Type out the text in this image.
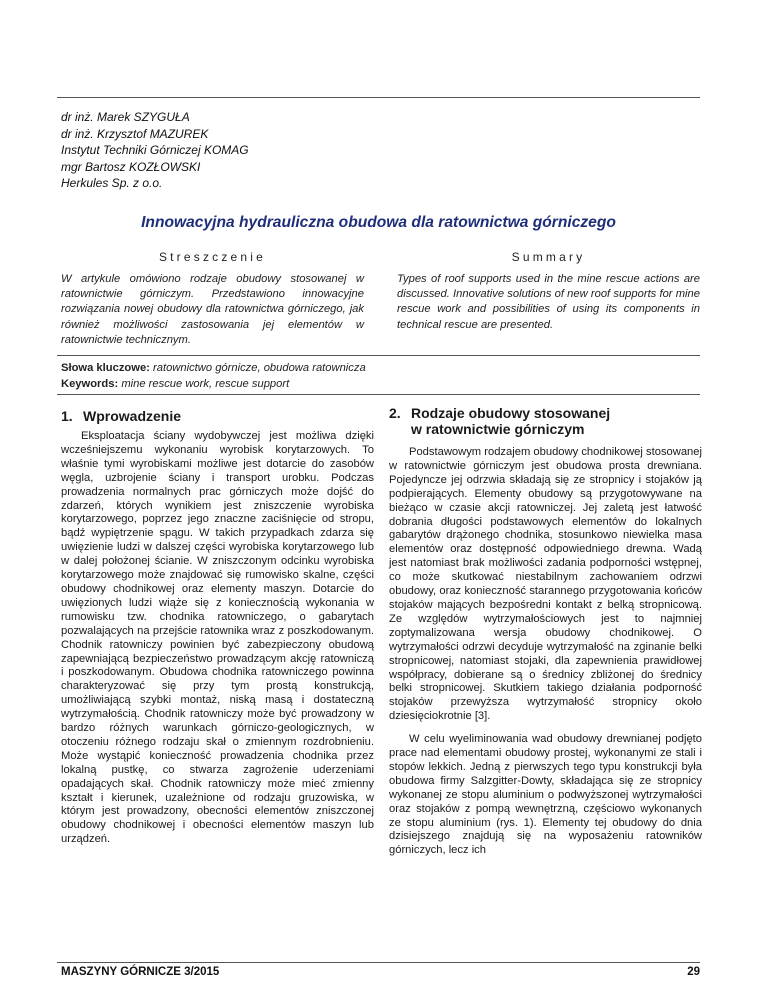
dr inż. Marek SZYGUŁA
dr inż. Krzysztof MAZUREK
Instytut Techniki Górniczej KOMAG
mgr Bartosz KOZŁOWSKI
Herkules Sp. z o.o.
Innowacyjna hydrauliczna obudowa dla ratownictwa górniczego
Streszczenie	Summary
W artykule omówiono rodzaje obudowy stosowanej w ratownictwie górniczym. Przedstawiono innowacyjne rozwiązania nowej obudowy dla ratownictwa górniczego, jak również możliwości zastosowania jej elementów w ratownictwie technicznym.
Types of roof supports used in the mine rescue actions are discussed. Innovative solutions of new roof supports for mine rescue work and possibilities of using its components in technical rescue are presented.
Słowa kluczowe: ratownictwo górnicze, obudowa ratownicza
Keywords: mine rescue work, rescue support
1. Wprowadzenie

Eksploatacja ściany wydobywczej jest możliwa dzięki wcześniejszemu wykonaniu wyrobisk korytarzowych. To właśnie tymi wyrobiskami możliwe jest dotarcie do zasobów węgla, uzbrojenie ściany i transport urobku. Podczas prowadzenia normalnych prac górniczych może dojść do zdarzeń, których wynikiem jest zniszczenie wyrobiska korytarzowego, poprzez jego znaczne zaciśnięcie od stropu, bądź wypiętrzenie spągu. W takich przypadkach zdarza się uwięzienie ludzi w dalszej części wyrobiska korytarzowego lub w dalej położonej ścianie. W zniszczonym odcinku wyrobiska korytarzowego może znajdować się rumowisko skalne, części obudowy chodnikowej oraz elementy maszyn. Dotarcie do uwięzionych ludzi wiąże się z koniecznością wykonania w rumowisku tzw. chodnika ratowniczego, o gabarytach pozwalających na przejście ratownika wraz z poszkodowanym. Chodnik ratowniczy powinien być zabezpieczony obudową zapewniającą bezpieczeństwo prowadzącym akcję ratowniczą i poszkodowanym. Obudowa chodnika ratowniczego powinna charakteryzować się przy tym prostą konstrukcją, umożliwiającą szybki montaż, niską masą i dostateczną wytrzymałością. Chodnik ratowniczy może być prowadzony w bardzo różnych warunkach górniczo-geologicznych, w otoczeniu różnego rodzaju skał o zmiennym rozdrobnieniu. Może wystąpić konieczność prowadzenia chodnika przez lokalną pustkę, co stwarza zagrożenie uderzeniami opadających skał. Chodnik ratowniczy może mieć zmienny kształt i kierunek, uzależnione od rodzaju gruzowiska, w którym jest prowadzony, obecności elementów zniszczonej obudowy chodnikowej i obecności elementów maszyn lub urządzeń.

2. Rodzaje obudowy stosowanej
w ratownictwie górniczym

Podstawowym rodzajem obudowy chodnikowej stosowanej w ratownictwie górniczym jest obudowa prosta drewniana. Pojedyncze jej odrzwia składają się ze stropnicy i stojaków ją podpierających. Elementy obudowy są przygotowywane na bieżąco w czasie akcji ratowniczej. Jej zaletą jest łatwość dobrania długości podstawowych elementów do lokalnych gabarytów drążonego chodnika, stosunkowo niewielka masa elementów oraz dostępność odpowiedniego drewna. Wadą jest natomiast brak możliwości zadania podporności wstępnej, co może skutkować niestabilnym zachowaniem odrzwi obudowy, oraz konieczność starannego przygotowania końców stojaków mających bezpośredni kontakt z belką stropnicową. Ze względów wytrzymałościowych jest to najmniej zoptymalizowana wersja obudowy chodnikowej. O wytrzymałości odrzwi decyduje wytrzymałość na zginanie belki stropnicowej, natomiast stojaki, dla zapewnienia prawidłowej współpracy, dobierane są o średnicy zbliżonej do średnicy belki stropnicowej. Skutkiem takiego działania podporność stojaków przewyższa wytrzymałość stropnicy około dziesięciokrotnie [3].

W celu wyeliminowania wad obudowy drewnianej podjęto prace nad elementami obudowy prostej, wykonanymi ze stali i stopów lekkich. Jedną z pierwszych tego typu konstrukcji była obudowa firmy Salzgitter-Dowty, składająca się ze stropnicy wykonanej ze stopu aluminium o podwyższonej wytrzymałości oraz stojaków z pompą wewnętrzną, częściowo wykonanych ze stopu aluminium (rys. 1). Elementy tej obudowy do dnia dzisiejszego znajdują się na wyposażeniu ratowników górniczych, lecz ich

MASZYNY GÓRNICZE 3/2015	29
